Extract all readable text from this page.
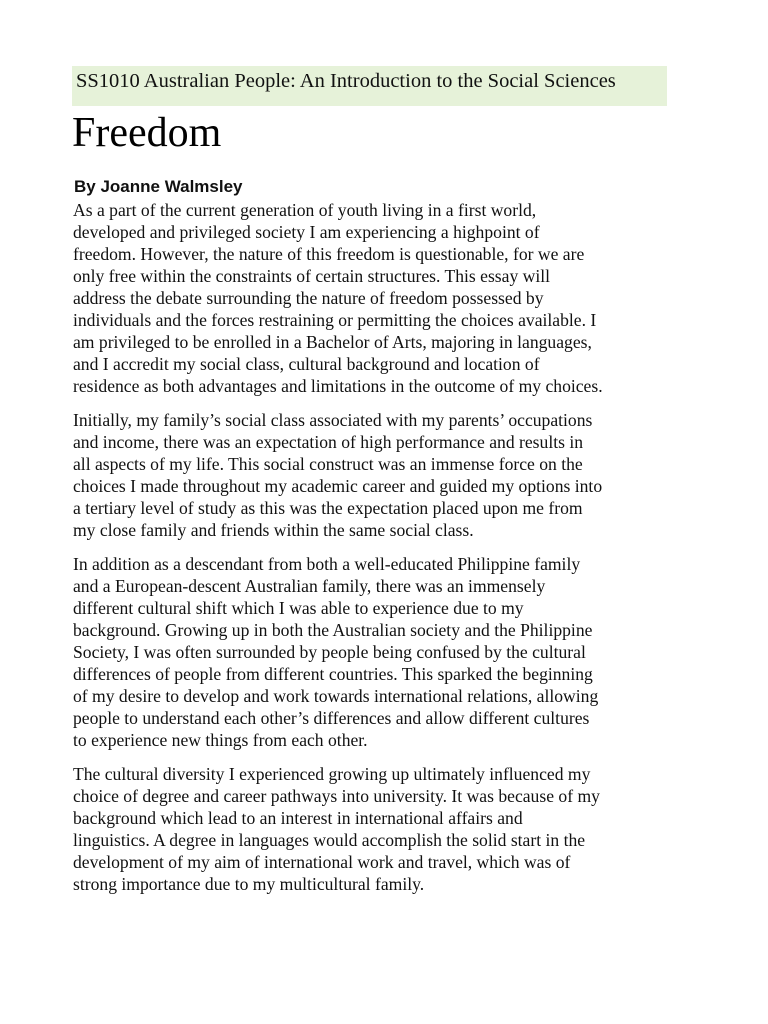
SS1010 Australian People: An Introduction to the Social Sciences
Freedom
By Joanne Walmsley

As a part of the current generation of youth living in a first world,
developed and privileged society I am experiencing a highpoint of
freedom. However, the nature of this freedom is questionable, for we are
only free within the constraints of certain structures. This essay will
address the debate surrounding the nature of freedom possessed by
individuals and the forces restraining or permitting the choices available. I
am privileged to be enrolled in a Bachelor of Arts, majoring in languages,
and I accredit my social class, cultural background and location of
residence as both advantages and limitations in the outcome of my choices.

Initially, my family’s social class associated with my parents’ occupations
and income, there was an expectation of high performance and results in
all aspects of my life. This social construct was an immense force on the
choices I made throughout my academic career and guided my options into
a tertiary level of study as this was the expectation placed upon me from
my close family and friends within the same social class.

In addition as a descendant from both a well-educated Philippine family
and a European-descent Australian family, there was an immensely
different cultural shift which I was able to experience due to my
background. Growing up in both the Australian society and the Philippine
Society, I was often surrounded by people being confused by the cultural
differences of people from different countries. This sparked the beginning
of my desire to develop and work towards international relations, allowing
people to understand each other’s differences and allow different cultures
to experience new things from each other.

The cultural diversity I experienced growing up ultimately influenced my
choice of degree and career pathways into university. It was because of my
background which lead to an interest in international affairs and
linguistics. A degree in languages would accomplish the solid start in the
development of my aim of international work and travel, which was of
strong importance due to my multicultural family.
